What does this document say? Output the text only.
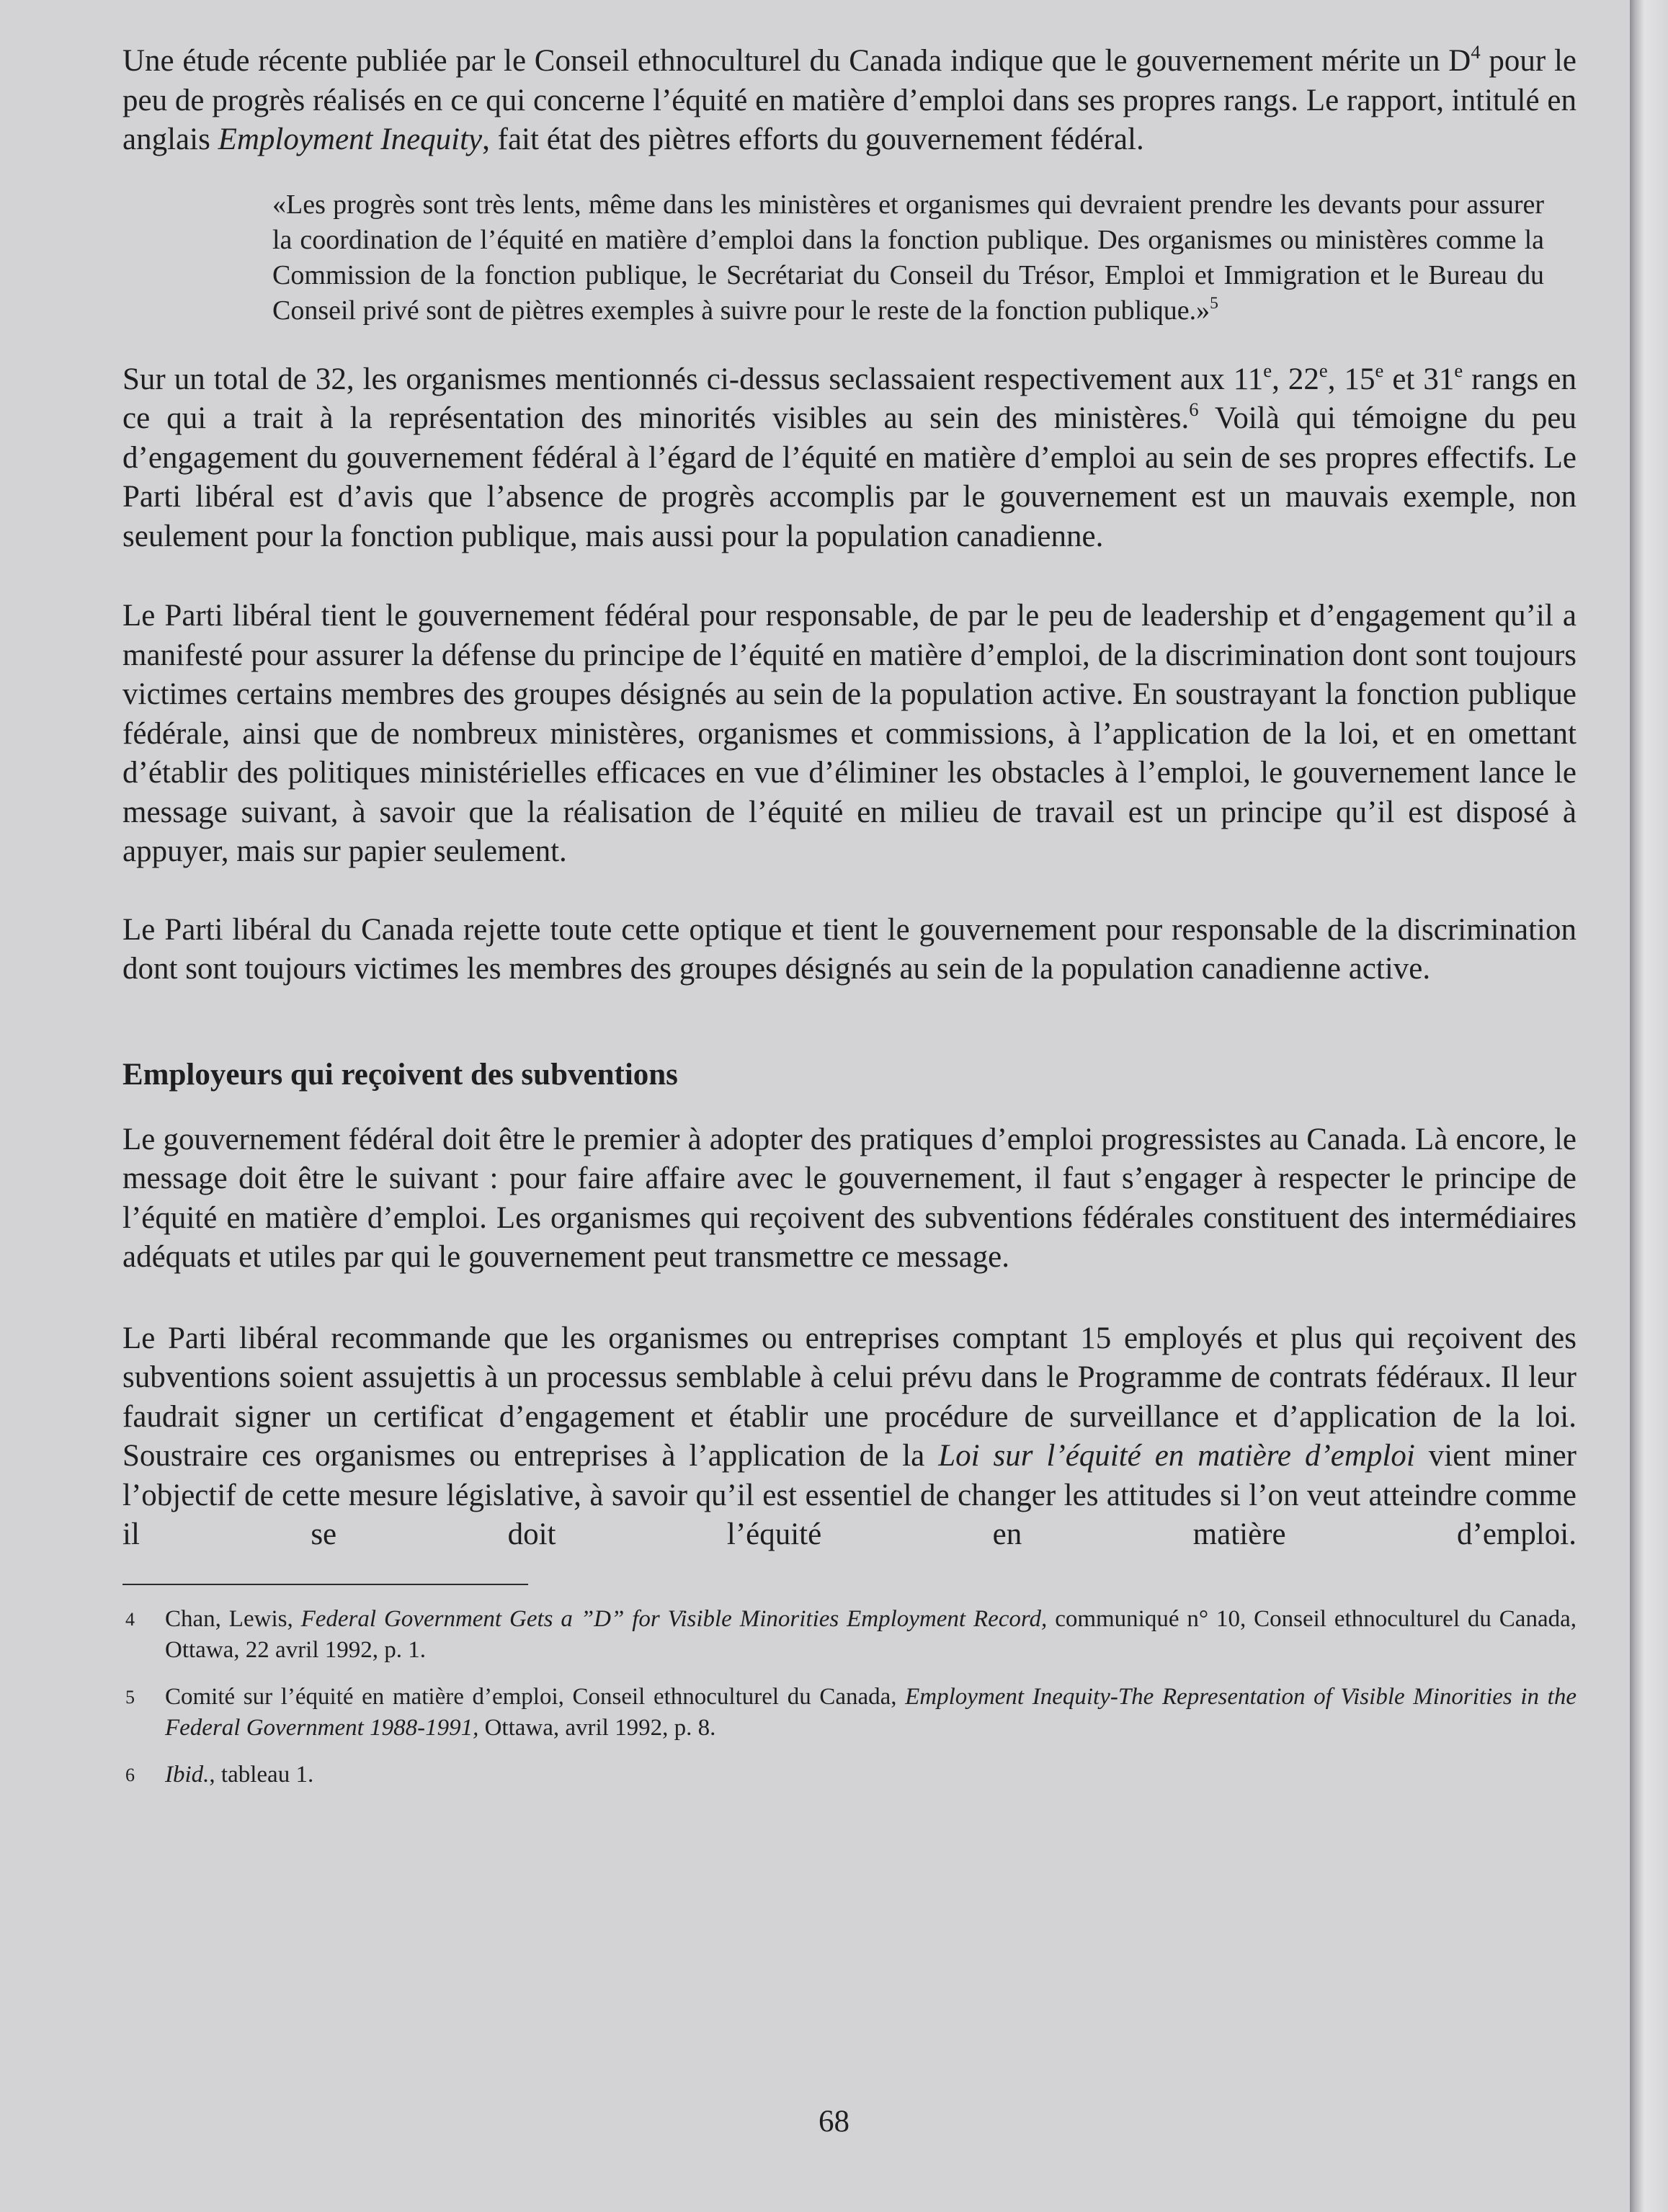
Une étude récente publiée par le Conseil ethnoculturel du Canada indique que le gouvernement mérite un $D^4$ pour le peu de progrès réalisés en ce qui concerne l’équité en matière d’emploi dans ses propres rangs. Le rapport, intitulé en anglais Employment Inequity, fait état des piètres efforts du gouvernement fédéral.

«Les progrès sont très lents, même dans les ministères et organismes qui devraient prendre les devants pour assurer la coordination de l’équité en matière d’emploi dans la fonction publique. Des organismes ou ministères comme la Commission de la fonction publique, le Secrétariat du Conseil du Trésor, Emploi et Immigration et le Bureau du Conseil privé sont de piètres exemples à suivre pour le reste de la fonction publique.»$^5$

Sur un total de 32, les organismes mentionnés ci-dessus seclassaient respectivement aux 11e, 22e, 15e et 31e rangs en ce qui a trait à la représentation des minorités visibles au sein des ministères.$^6$ Voilà qui témoigne du peu d’engagement du gouvernement fédéral à l’égard de l’équité en matière d’emploi au sein de ses propres effectifs. Le Parti libéral est d’avis que l’absence de progrès accomplis par le gouvernement est un mauvais exemple, non seulement pour la fonction publique, mais aussi pour la population canadienne.

Le Parti libéral tient le gouvernement fédéral pour responsable, de par le peu de leadership et d’engagement qu’il a manifesté pour assurer la défense du principe de l’équité en matière d’emploi, de la discrimination dont sont toujours victimes certains membres des groupes désignés au sein de la population active. En soustrayant la fonction publique fédérale, ainsi que de nombreux ministères, organismes et commissions, à l’application de la loi, et en omettant d’établir des politiques ministérielles efficaces en vue d’éliminer les obstacles à l’emploi, le gouvernement lance le message suivant, à savoir que la réalisation de l’équité en milieu de travail est un principe qu’il est disposé à appuyer, mais sur papier seulement.

Le Parti libéral du Canada rejette toute cette optique et tient le gouvernement pour responsable de la discrimination dont sont toujours victimes les membres des groupes désignés au sein de la population canadienne active.

Employeurs qui reçoivent des subventions

Le gouvernement fédéral doit être le premier à adopter des pratiques d’emploi progressistes au Canada. Là encore, le message doit être le suivant : pour faire affaire avec le gouvernement, il faut s’engager à respecter le principe de l’équité en matière d’emploi. Les organismes qui reçoivent des subventions fédérales constituent des intermédiaires adéquats et utiles par qui le gouvernement peut transmettre ce message.

Le Parti libéral recommande que les organismes ou entreprises comptant 15 employés et plus qui reçoivent des subventions soient assujettis à un processus semblable à celui prévu dans le Programme de contrats fédéraux. Il leur faudrait signer un certificat d’engagement et établir une procédure de surveillance et d’application de la loi. Soustraire ces organismes ou entreprises à l’application de la Loi sur l’équité en matière d’emploi vient miner l’objectif de cette mesure législative, à savoir qu’il est essentiel de changer les attitudes si l’on veut atteindre comme il se doit l’équité en matière d’emploi.

4 Chan, Lewis, Federal Government Gets a ”D” for Visible Minorities Employment Record, communiqué n° 10, Conseil ethnoculturel du Canada, Ottawa, 22 avril 1992, p. 1.
5 Comité sur l’équité en matière d’emploi, Conseil ethnoculturel du Canada, Employment Inequity-The Representation of Visible Minorities in the Federal Government 1988-1991, Ottawa, avril 1992, p. 8.
6 Ibid., tableau 1.
68
